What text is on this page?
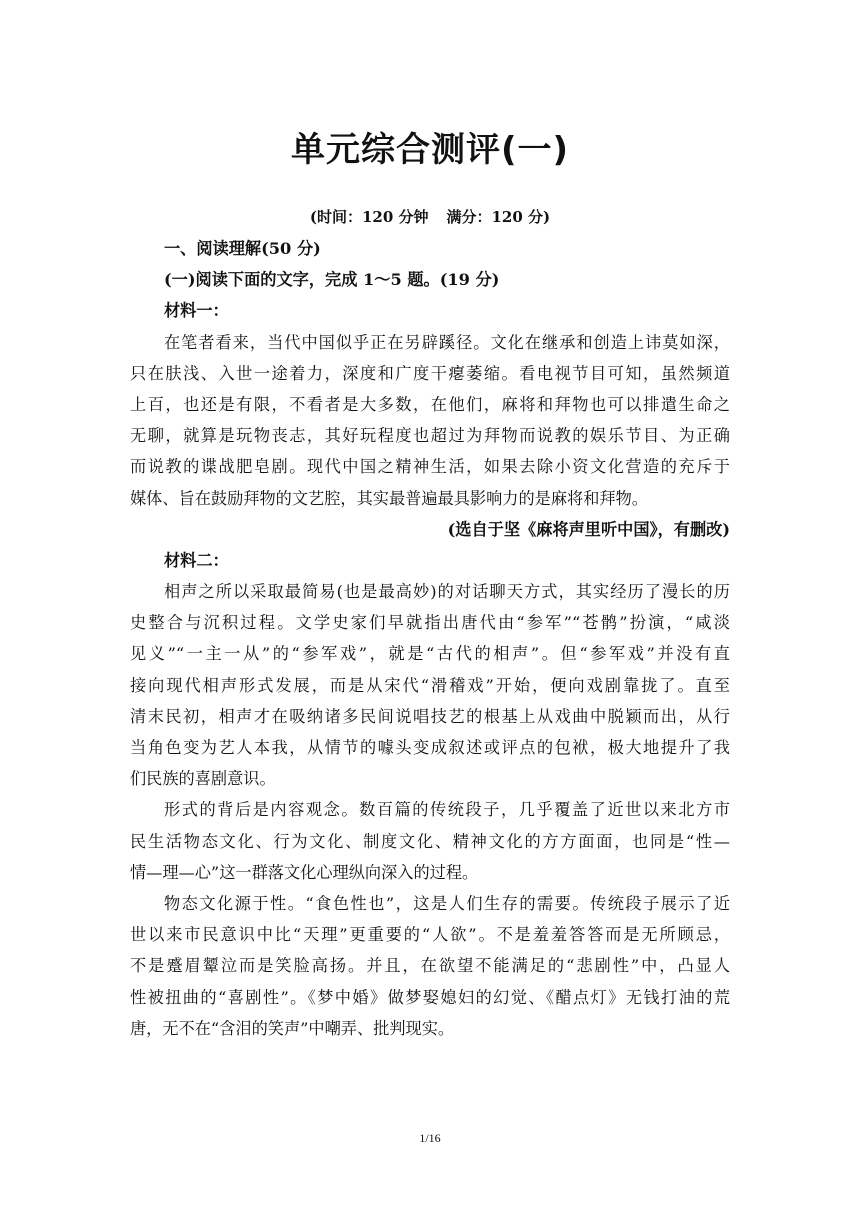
单元综合测评(一)
(时间：120 分钟 满分：120 分)
一、阅读理解(50 分)
(一)阅读下面的文字，完成 1～5 题。(19 分)
材料一：
在笔者看来，当代中国似乎正在另辟蹊径。文化在继承和创造上讳莫如深，
只在肤浅、入世一途着力，深度和广度干瘪萎缩。看电视节目可知，虽然频道
上百，也还是有限，不看者是大多数，在他们，麻将和拜物也可以排遣生命之
无聊，就算是玩物丧志，其好玩程度也超过为拜物而说教的娱乐节目、为正确
而说教的谍战肥皂剧。现代中国之精神生活，如果去除小资文化营造的充斥于
媒体、旨在鼓励拜物的文艺腔，其实最普遍最具影响力的是麻将和拜物。
(选自于坚《麻将声里听中国》，有删改)
材料二：
相声之所以采取最简易(也是最高妙)的对话聊天方式，其实经历了漫长的历
史整合与沉积过程。文学史家们早就指出唐代由“参军”“苍鹘”扮演，“咸淡
见义”“一主一从”的“参军戏”，就是“古代的相声”。但“参军戏”并没有直
接向现代相声形式发展，而是从宋代“滑稽戏”开始，便向戏剧靠拢了。直至
清末民初，相声才在吸纳诸多民间说唱技艺的根基上从戏曲中脱颖而出，从行
当角色变为艺人本我，从情节的噱头变成叙述或评点的包袱，极大地提升了我
们民族的喜剧意识。
形式的背后是内容观念。数百篇的传统段子，几乎覆盖了近世以来北方市
民生活物态文化、行为文化、制度文化、精神文化的方方面面，也同是“性—
情—理—心”这一群落文化心理纵向深入的过程。
物态文化源于性。“食色性也”，这是人们生存的需要。传统段子展示了近
世以来市民意识中比“天理”更重要的“人欲”。不是羞羞答答而是无所顾忌，
不是蹙眉颦泣而是笑脸高扬。并且，在欲望不能满足的“悲剧性”中，凸显人
性被扭曲的“喜剧性”。《梦中婚》做梦娶媳妇的幻觉、《醋点灯》无钱打油的荒
唐，无不在“含泪的笑声”中嘲弄、批判现实。
1/16
